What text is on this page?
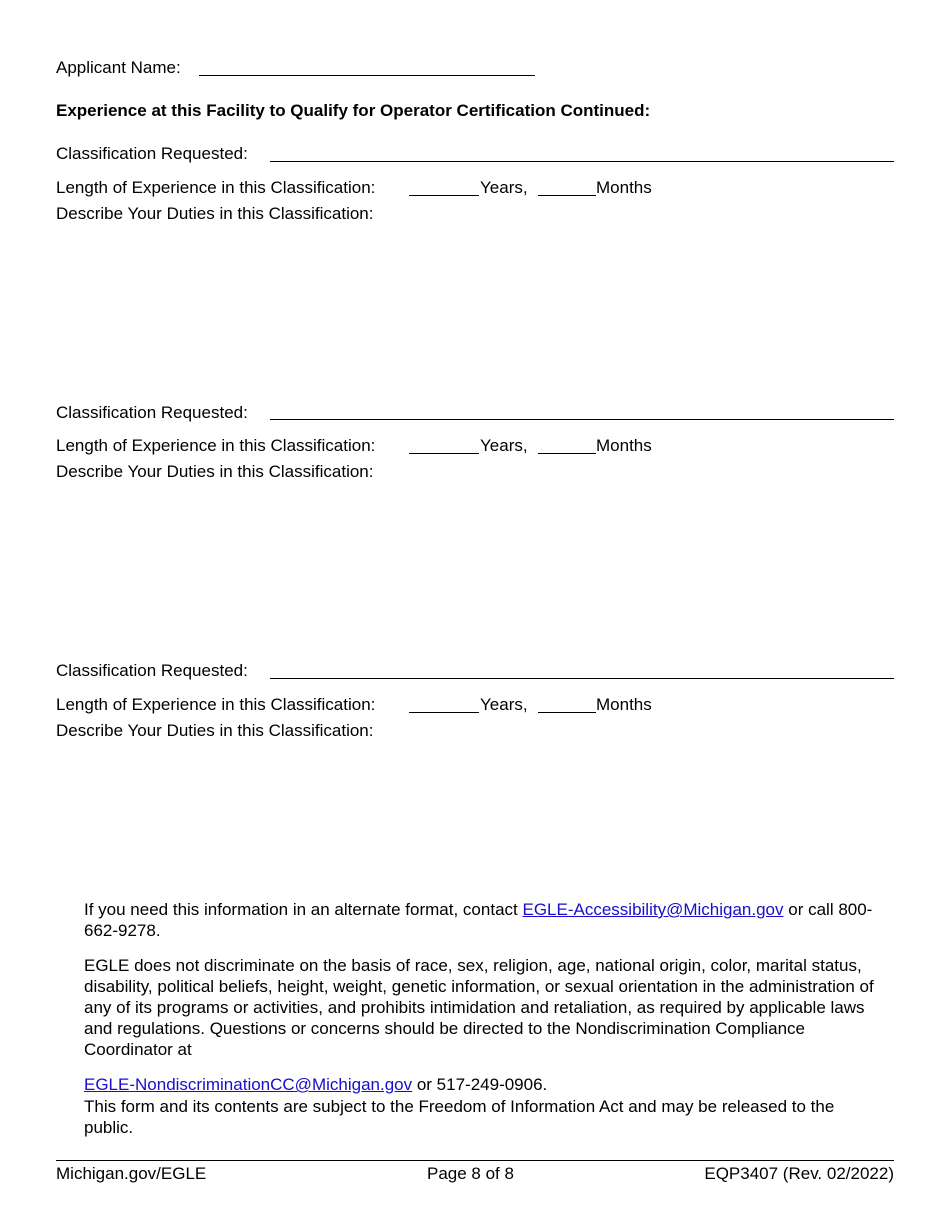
Applicant Name:
Experience at this Facility to Qualify for Operator Certification Continued:
Classification Requested:
Length of Experience in this Classification:	Years,	Months
Describe Your Duties in this Classification:
Classification Requested:
Length of Experience in this Classification:	Years,	Months
Describe Your Duties in this Classification:
Classification Requested:
Length of Experience in this Classification:	Years,	Months
Describe Your Duties in this Classification:

If you need this information in an alternate format, contact EGLE-Accessibility@Michigan.gov or call 800-662-9278.

EGLE does not discriminate on the basis of race, sex, religion, age, national origin, color, marital status, disability, political beliefs, height, weight, genetic information, or sexual orientation in the administration of any of its programs or activities, and prohibits intimidation and retaliation, as required by applicable laws and regulations. Questions or concerns should be directed to the Nondiscrimination Compliance Coordinator at

EGLE-NondiscriminationCC@Michigan.gov or 517-249-0906.

This form and its contents are subject to the Freedom of Information Act and may be released to the public.
Michigan.gov/EGLE	Page 8 of 8	EQP3407 (Rev. 02/2022)
